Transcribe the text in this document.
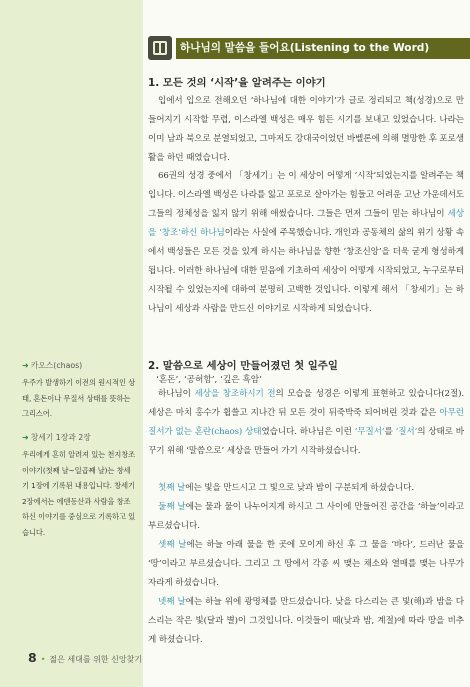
하나님의 말씀을 들어요(Listening to the Word)
1. 모든 것의 ‘시작’을 알려주는 이야기

입에서 입으로 전해오던 ‘하나님에 대한 이야기’가 글로 정리되고 책(성경)으로 만들어지기 시작할 무렵, 이스라엘 백성은 매우 힘든 시기를 보내고 있었습니다. 나라는 이미 남과 북으로 분열되었고, 그마저도 강대국이었던 바벨론에 의해 멸망한 후 포로생활을 하던 때였습니다.

66권의 성경 중에서 「창세기」는 이 세상이 어떻게 ‘시작’되었는지를 알려주는 책입니다. 이스라엘 백성은 나라를 잃고 포로로 살아가는 힘들고 어려운 고난 가운데서도 그들의 정체성을 잃지 않기 위해 애썼습니다. 그들은 먼저 그들이 믿는 하나님이 세상을 ‘창조’하신 하나님이라는 사실에 주목했습니다. 개인과 공동체의 삶의 위기 상황 속에서 백성들은 모든 것을 있게 하시는 하나님을 향한 ‘창조신앙’을 더욱 굳게 형성하게 됩니다. 이러한 하나님에 대한 믿음에 기초하여 세상이 어떻게 시작되었고, 누구로부터 시작될 수 있었는지에 대하여 분명히 고백한 것입니다. 이렇게 해서 「창세기」는 하나님이 세상과 사람을 만드신 이야기로 시작하게 되었습니다.

2. 말씀으로 세상이 만들어졌던 첫 일주일
‘혼돈’, ‘공허함’, ‘깊은 흑암’

하나님이 세상을 창조하시기 전의 모습을 성경은 이렇게 표현하고 있습니다(2절). 세상은 마치 홍수가 휩쓸고 지나간 뒤 모든 것이 뒤죽박죽 되어버린 것과 같은 아무런 질서가 없는 혼란(chaos) 상태였습니다. 하나님은 이런 ‘무질서’를 ‘질서’의 상태로 바꾸기 위해 ‘말씀으로’ 세상을 만들어 가기 시작하셨습니다.

첫째 날에는 빛을 만드시고 그 빛으로 낮과 밤이 구분되게 하셨습니다.

둘째 날에는 물과 물이 나누어지게 하시고 그 사이에 만들어진 공간을 ‘하늘’이라고 부르셨습니다.

셋째 날에는 하늘 아래 물을 한 곳에 모이게 하신 후 그 물을 ‘바다’, 드러난 물을 ‘땅’이라고 부르셨습니다. 그리고 그 땅에서 각종 씨 맺는 채소와 열매를 맺는 나무가 자라게 하셨습니다.

넷째 날에는 하늘 위에 광명체를 만드셨습니다. 낮을 다스리는 큰 빛(해)과 밤을 다스리는 작은 빛(달과 별)이 그것입니다. 이것들이 때(낮과 밤, 계절)에 따라 땅을 비추게 하셨습니다.

➜ 카오스(chaos)
우주가 발생하기 이전의 원시적인 상태, 혼돈이나 무질서 상태를 뜻하는 그리스어.
➜ 창세기 1장과 2장
우리에게 흔히 알려져 있는 천지창조 이야기(첫째 날~일곱째 날)는 창세기 1장에 기록된 내용입니다. 창세기 2장에서는 에덴동산과 사람을 창조하신 이야기를 중심으로 기록하고 있습니다.
8 • 젊은 세대를 위한 신앙찾기
